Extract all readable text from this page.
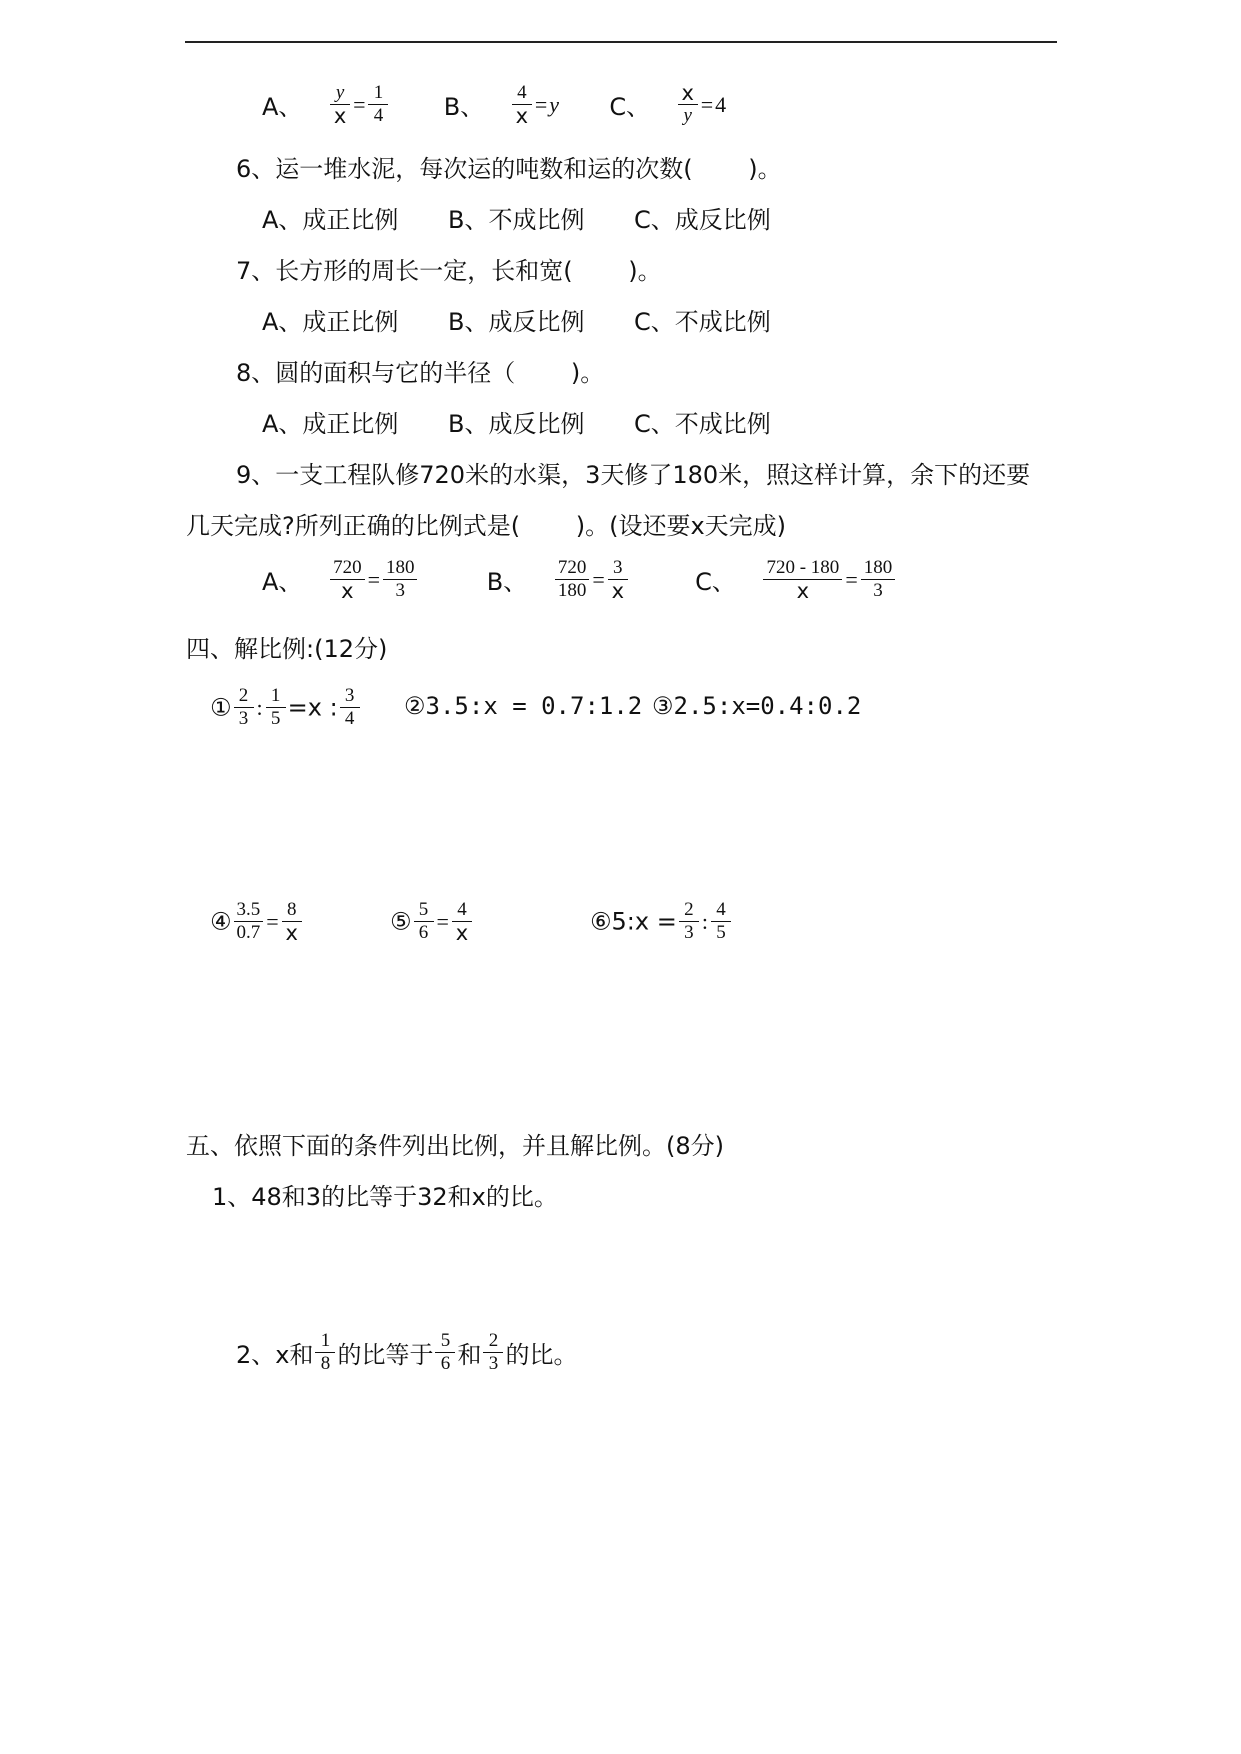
A、 $\frac{y}{x} = \frac{1}{4}$ B、 $\frac{4}{x} =y$ C、 $\frac{x}{y} =4$
6、运一堆水泥，每次运的吨数和运的次数(　　 )。
A、成正比例 B、不成比例 C、成反比例
7、长方形的周长一定，长和宽(　　 )。
A、成正比例 B、成反比例 C、不成比例
8、圆的面积与它的半径（　　 )。
A、成正比例 B、成反比例 C、不成比例
9、一支工程队修720米的水渠，3天修了180米，照这样计算，余下的还要
几天完成?所列正确的比例式是(　　 )。(设还要x天完成)
A、 $\frac{720}{x} = \frac{180}{3}$	B、 $\frac{720}{180} = \frac{3}{x}$	C、 $\frac{720 - 180}{x} = \frac{180}{3}$
四、解比例:(12分)
① $\frac{2}{3}$ : $\frac{1}{5} =x$ : $\frac{3}{4}$ ②3.5:x = 0.7:1.2 ③2.5:x=0.4:0.2
④ $\frac{3.5}{0.7} = \frac{8}{x}$	⑤ $\frac{5}{6} = \frac{4}{x}$	⑥5:x = $\frac{2}{3}$ : $\frac{4}{5}$
五、依照下面的条件列出比例，并且解比例。(8分)
1、48和3的比等于32和x的比。
2、x和 $\frac{1}{8}$ 的比等于 $\frac{5}{6}$ 和 $\frac{2}{3}$ 的比。
